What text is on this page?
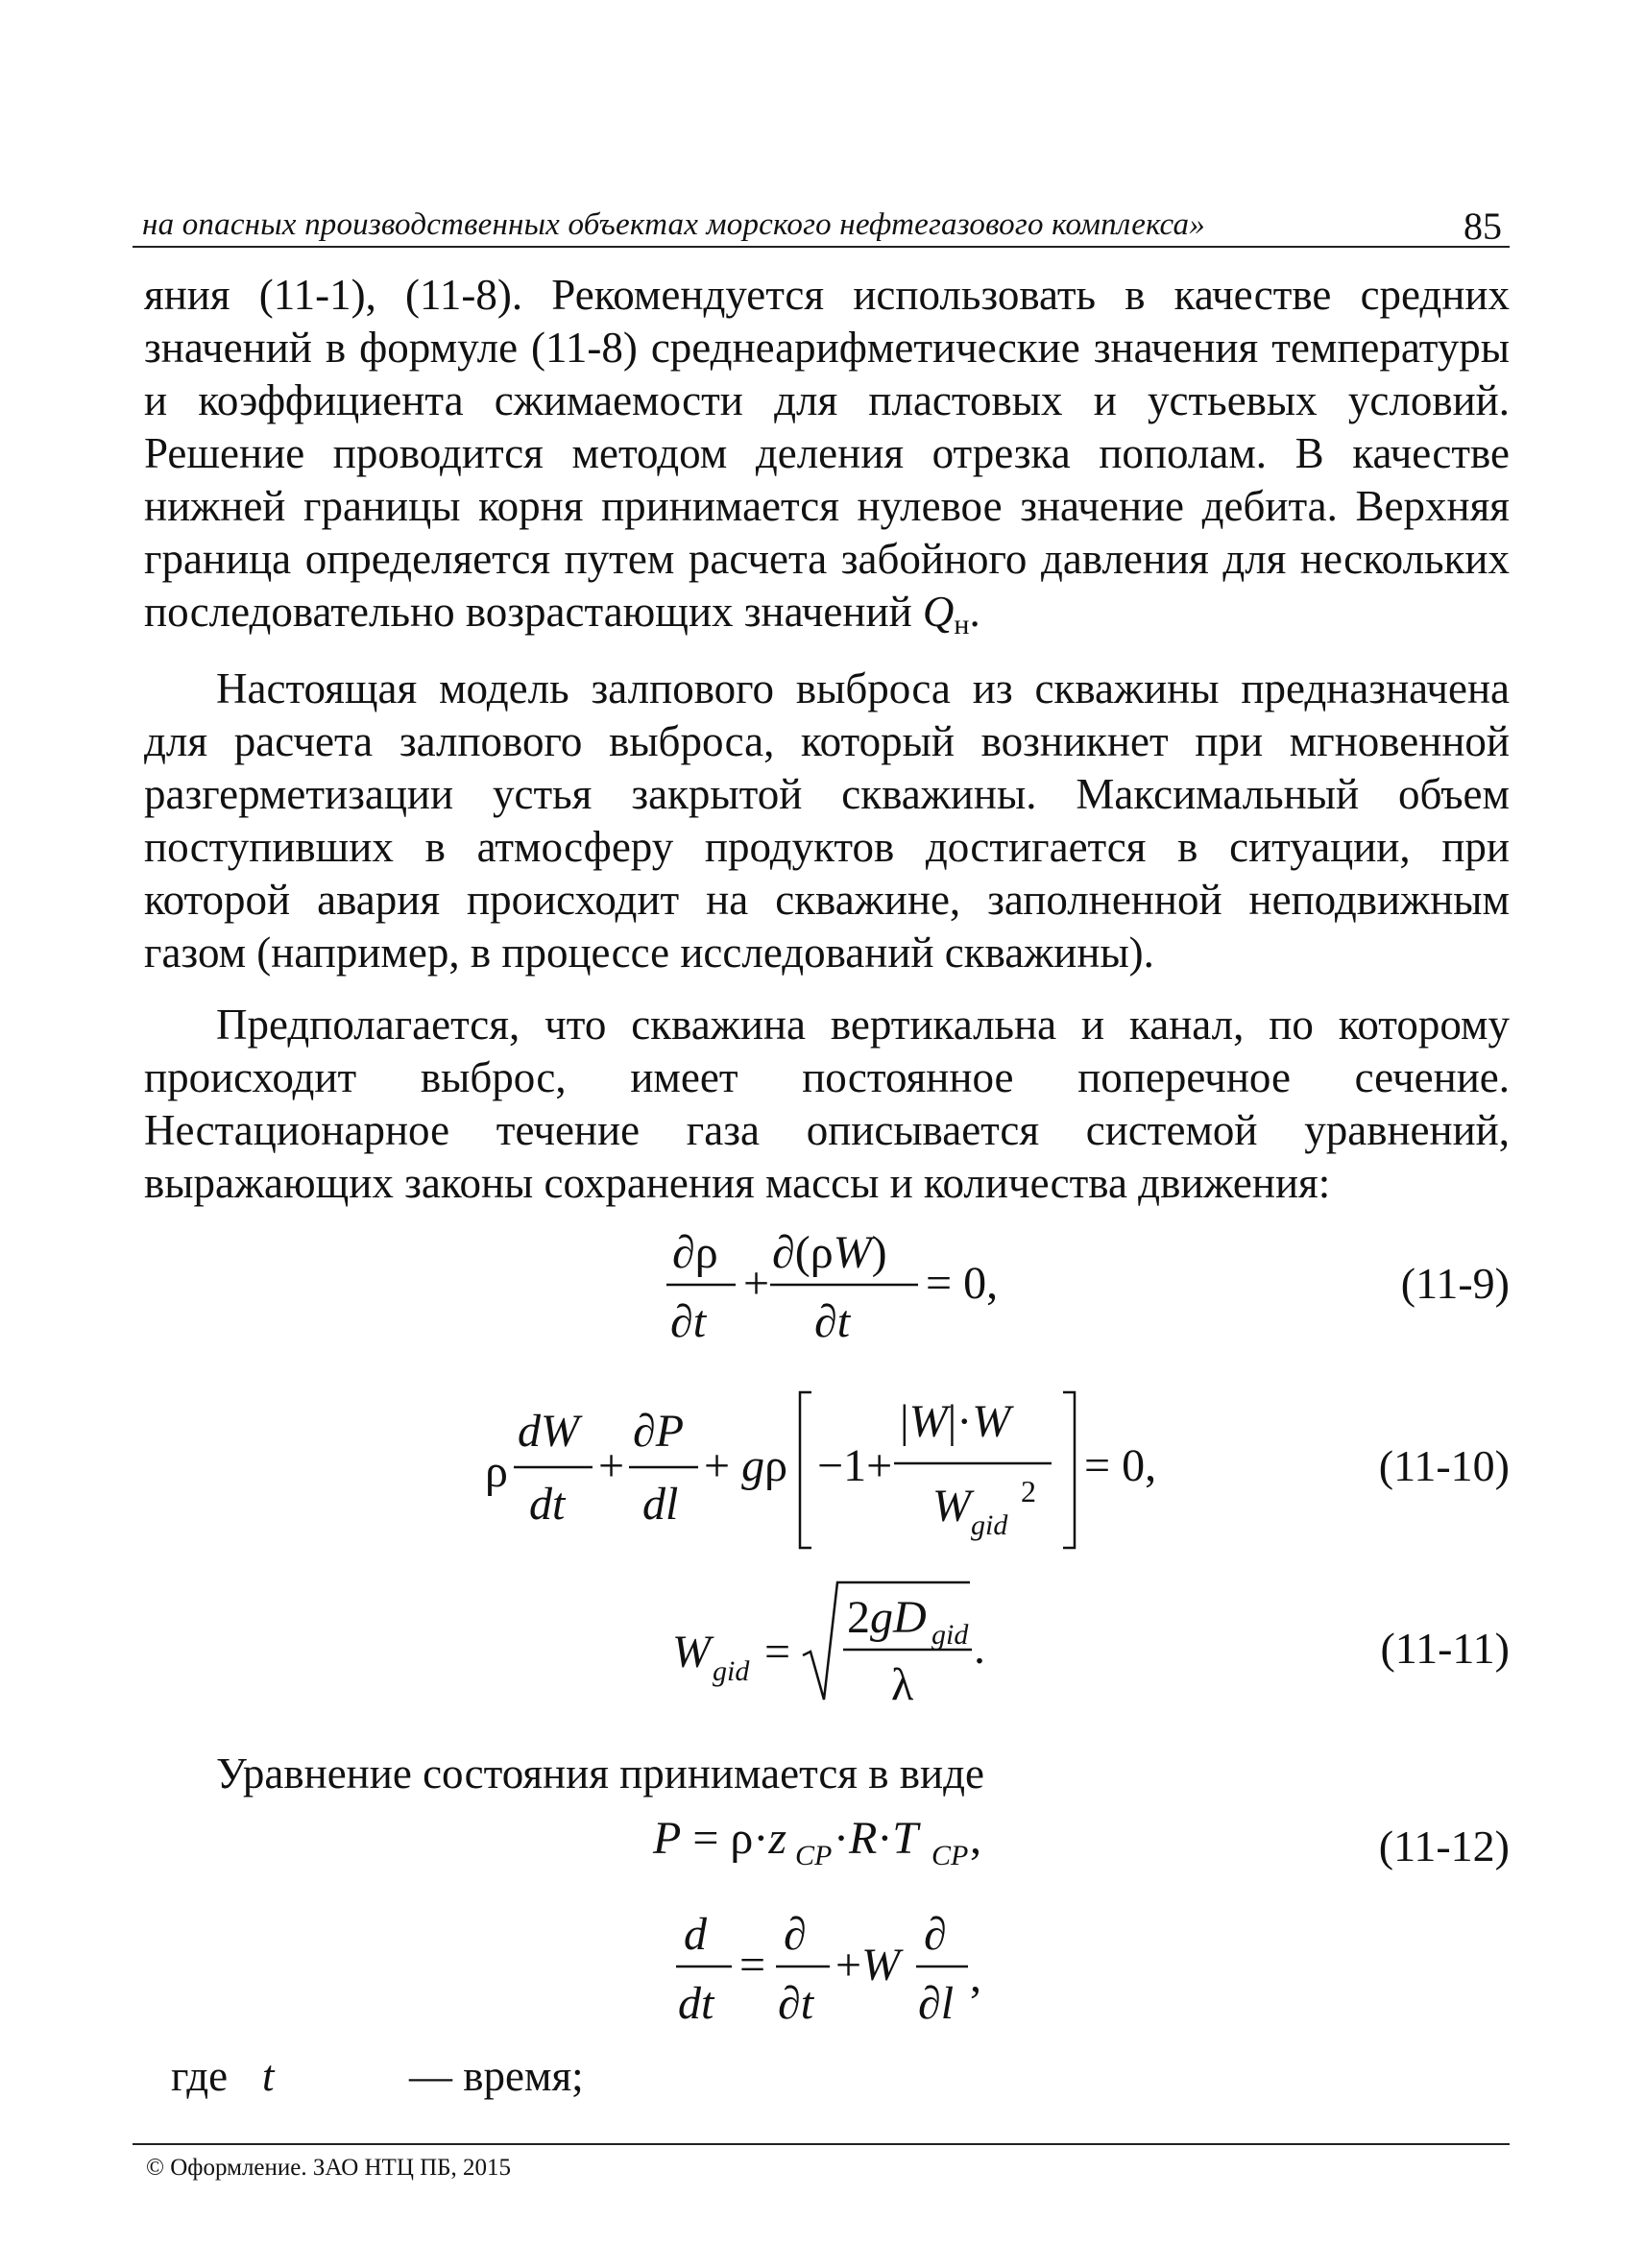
на опасных производственных объектах морского нефтегазового комплекса»	85

яния (11-1), (11-8). Рекомендуется использовать в качестве средних значений в формуле (11-8) среднеарифметические значения температуры и коэффициента сжимаемости для пластовых и устьевых условий. Решение проводится методом деления отрезка пополам. В качестве нижней границы корня принимается нулевое значение дебита. Верхняя граница определяется путем расчета забойного давления для нескольких последовательно возрастающих значений $Q_н$.

Настоящая модель залпового выброса из скважины предназначена для расчета залпового выброса, который возникнет при мгновенной разгерметизации устья закрытой скважины. Максимальный объем поступивших в атмосферу продуктов достигается в ситуации, при которой авария происходит на скважине, заполненной неподвижным газом (например, в процессе исследований скважины).

Предполагается, что скважина вертикальна и канал, по которому происходит выброс, имеет постоянное поперечное сечение. Нестационарное течение газа описывается системой уравнений, выражающих законы сохранения массы и количества движения:

∂ρ
∂t
+
∂(ρW)
∂t
= 0,	(11-9)
ρ
dW
dt
+
∂P
dl
+ gρ −1+
|W|·W
W gid
2 = 0,	(11-10)
W gid =
2gD gid
λ
.	(11-11)

Уравнение состояния принимается в виде

P = ρ·z CP ·R·T CP ,	(11-12)
d
dt
=
∂
∂t
+W
∂
∂l
,
где t	— время;
© Оформление. ЗАО НТЦ ПБ, 2015
